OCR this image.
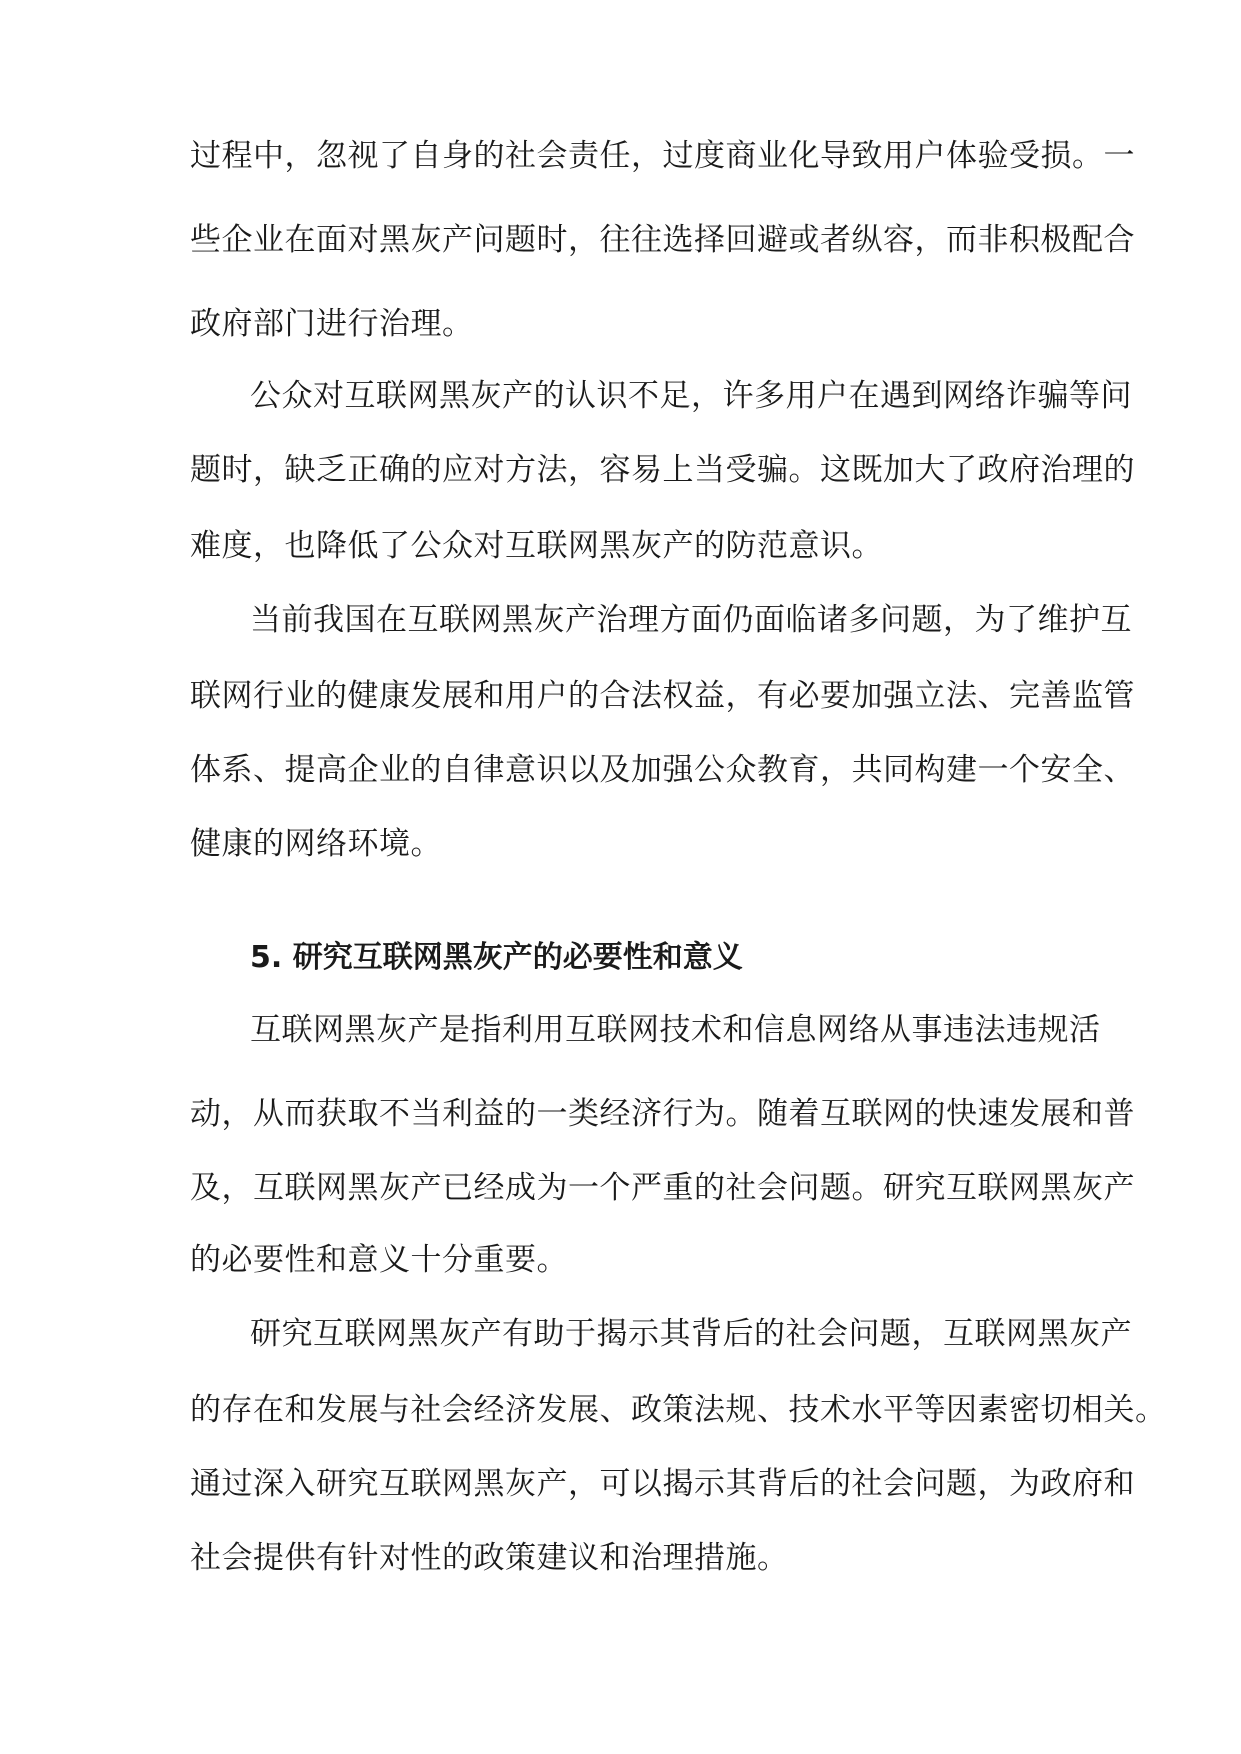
过程中，忽视了自身的社会责任，过度商业化导致用户体验受损。一
些企业在面对黑灰产问题时，往往选择回避或者纵容，而非积极配合
政府部门进行治理。
公众对互联网黑灰产的认识不足，许多用户在遇到网络诈骗等问
题时，缺乏正确的应对方法，容易上当受骗。这既加大了政府治理的
难度，也降低了公众对互联网黑灰产的防范意识。
当前我国在互联网黑灰产治理方面仍面临诸多问题，为了维护互
联网行业的健康发展和用户的合法权益，有必要加强立法、完善监管
体系、提高企业的自律意识以及加强公众教育，共同构建一个安全、
健康的网络环境。
5. 研究互联网黑灰产的必要性和意义
互联网黑灰产是指利用互联网技术和信息网络从事违法违规活
动，从而获取不当利益的一类经济行为。随着互联网的快速发展和普
及，互联网黑灰产已经成为一个严重的社会问题。研究互联网黑灰产
的必要性和意义十分重要。
研究互联网黑灰产有助于揭示其背后的社会问题，互联网黑灰产
的存在和发展与社会经济发展、政策法规、技术水平等因素密切相关。
通过深入研究互联网黑灰产，可以揭示其背后的社会问题，为政府和
社会提供有针对性的政策建议和治理措施。
